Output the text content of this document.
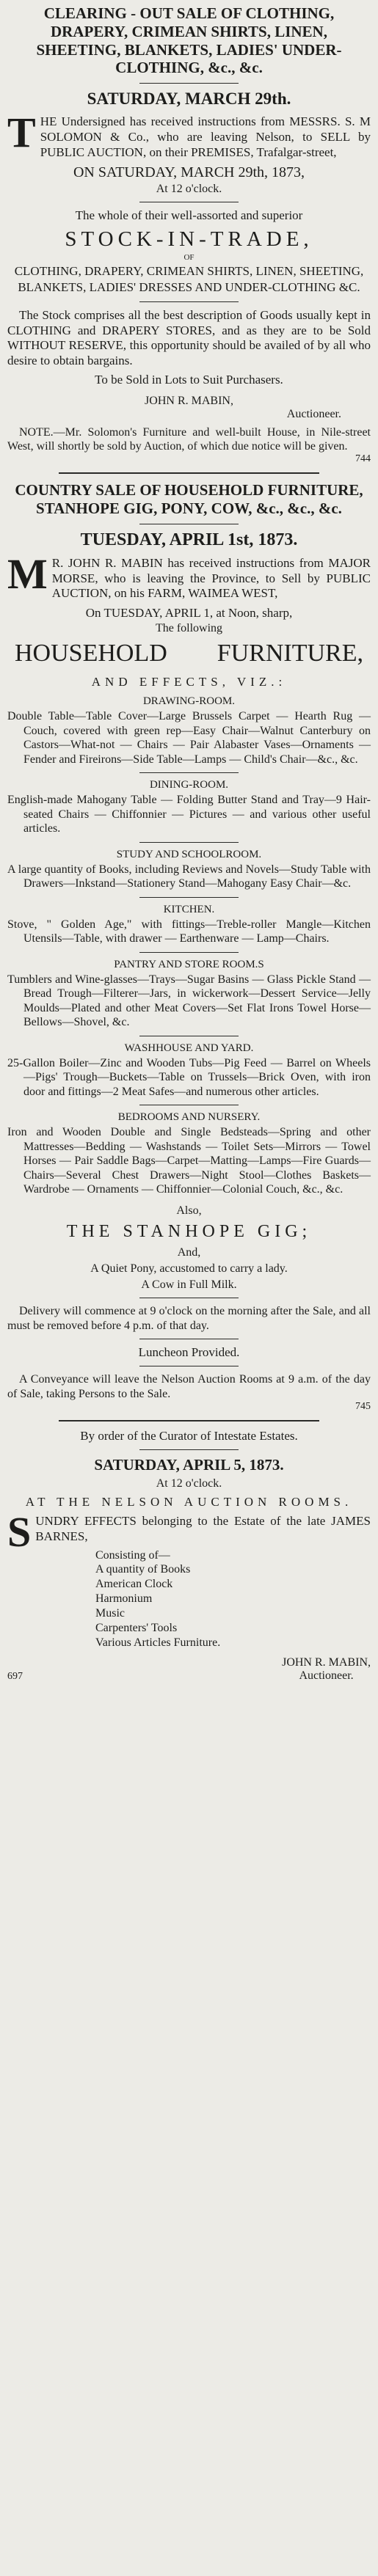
CLEARING - OUT SALE OF CLOTHING, DRAPERY, CRIMEAN SHIRTS, LINEN, SHEETING, BLANKETS, LADIES' UNDER-CLOTHING, &c., &c.
SATURDAY, MARCH 29th.
THE Undersigned has received instructions from MESSRS. S. M SOLOMON & Co., who are leaving Nelson, to SELL by PUBLIC AUCTION, on their PREMISES, Trafalgar-street,
ON SATURDAY, MARCH 29th, 1873,
At 12 o'clock.
The whole of their well-assorted and superior
STOCK-IN-TRADE,
OF
CLOTHING, DRAPERY, CRIMEAN SHIRTS, LINEN, SHEETING, BLANKETS, LADIES' DRESSES AND UNDER-CLOTHING &C.
The Stock comprises all the best description of Goods usually kept in CLOTHING and DRAPERY STORES, and as they are to be Sold WITHOUT RESERVE, this opportunity should be availed of by all who desire to obtain bargains.
To be Sold in Lots to Suit Purchasers.
JOHN R. MABIN,
Auctioneer.
NOTE.—Mr. Solomon's Furniture and well-built House, in Nile-street West, will shortly be sold by Auction, of which due notice will be given.
744
COUNTRY SALE OF HOUSEHOLD FURNITURE, STANHOPE GIG, PONY, COW, &c., &c., &c.
TUESDAY, APRIL 1st, 1873.
M R. JOHN R. MABIN has received instructions from MAJOR MORSE, who is leaving the Province, to Sell by PUBLIC AUCTION, on his FARM, WAIMEA WEST,
On TUESDAY, APRIL 1, at Noon, sharp,
The following
HOUSEHOLD FURNITURE,
AND EFFECTS, VIZ.:
DRAWING-ROOM.
Double Table—Table Cover—Large Brussels Carpet — Hearth Rug — Couch, covered with green rep—Easy Chair—Walnut Canterbury on Castors—What-not — Chairs — Pair Alabaster Vases—Ornaments — Fender and Fireirons—Side Table—Lamps — Child's Chair—&c., &c.
DINING-ROOM.
English-made Mahogany Table — Folding Butter Stand and Tray—9 Hair-seated Chairs — Chiffonnier — Pictures — and various other useful articles.
STUDY AND SCHOOLROOM.
A large quantity of Books, including Reviews and Novels—Study Table with Drawers—Inkstand—Stationery Stand—Mahogany Easy Chair—&c.
KITCHEN.
Stove, " Golden Age," with fittings—Treble-roller Mangle—Kitchen Utensils—Table, with drawer — Earthenware — Lamp—Chairs.
PANTRY AND STORE ROOM.S
Tumblers and Wine-glasses—Trays—Sugar Basins — Glass Pickle Stand — Bread Trough—Filterer—Jars, in wickerwork—Dessert Service—Jelly Moulds—Plated and other Meat Covers—Set Flat Irons Towel Horse—Bellows—Shovel, &c.
WASHHOUSE AND YARD.
25-Gallon Boiler—Zinc and Wooden Tubs—Pig Feed — Barrel on Wheels—Pigs' Trough—Buckets—Table on Trussels—Brick Oven, with iron door and fittings—2 Meat Safes—and numerous other articles.
BEDROOMS AND NURSERY.
Iron and Wooden Double and Single Bedsteads—Spring and other Mattresses—Bedding — Washstands — Toilet Sets—Mirrors — Towel Horses — Pair Saddle Bags—Carpet—Matting—Lamps—Fire Guards—Chairs—Several Chest Drawers—Night Stool—Clothes Baskets—Wardrobe — Ornaments — Chiffonnier—Colonial Couch, &c., &c.
Also,
THE STANHOPE GIG;
And,
A Quiet Pony, accustomed to carry a lady.
A Cow in Full Milk.
Delivery will commence at 9 o'clock on the morning after the Sale, and all must be removed before 4 p.m. of that day.
Luncheon Provided.
A Conveyance will leave the Nelson Auction Rooms at 9 a.m. of the day of Sale, taking Persons to the Sale.
745
By order of the Curator of Intestate Estates.
SATURDAY, APRIL 5, 1873.
At 12 o'clock.
AT THE NELSON AUCTION ROOMS.
SUNDRY EFFECTS belonging to the Estate of the late JAMES BARNES,
Consisting of—
A quantity of Books
American Clock
Harmonium
Music
Carpenters' Tools
Various Articles Furniture.
697
JOHN R. MABIN,
Auctioneer.
